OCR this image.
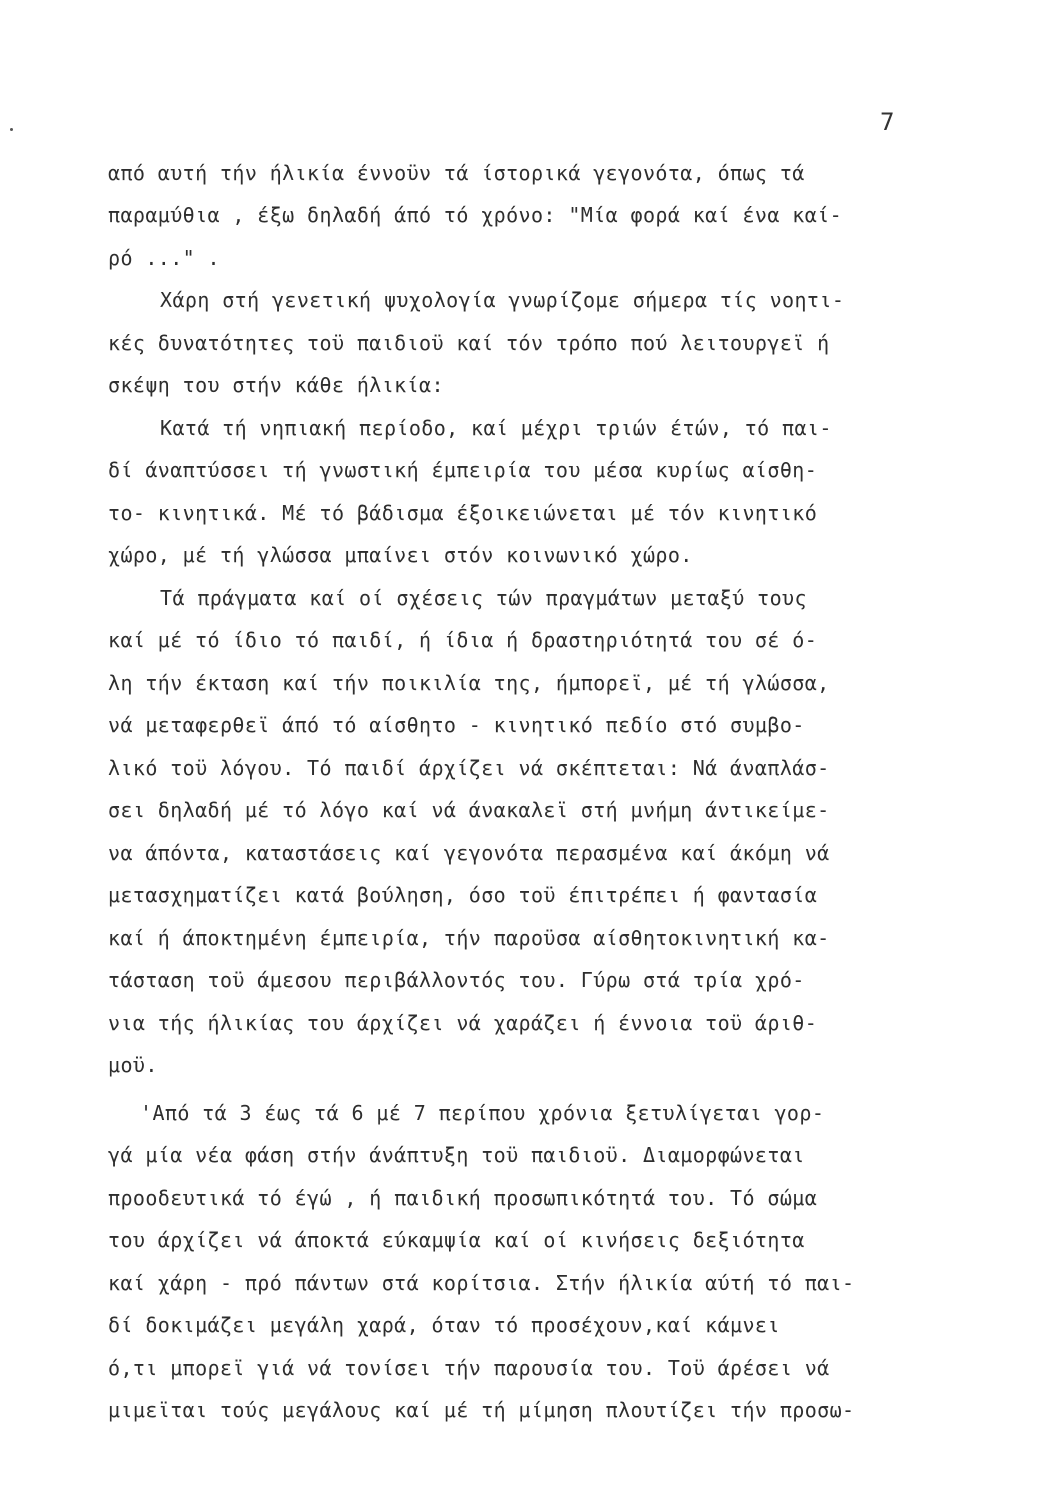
7
από αυτή τήν ήλικία έννοϋν τά ίστορικά γεγονότα, όπως τά
παραμύθια , έξω δηλαδή άπό τό χρόνο: "Μία φορά καί ένα καί-
ρό ..." .
Χάρη στή γενετική ψυχολογία γνωρίζομε σήμερα τίς νοητι-
κές δυνατότητες τοϋ παιδιοϋ καί τόν τρόπο πού λειτουργεϊ ή
σκέψη του στήν κάθε ήλικία:
Κατά τή νηπιακή περίοδο, καί μέχρι τριών έτών, τό παι-
δί άναπτύσσει τή γνωστική έμπειρία του μέσα κυρίως αίσθη-
το- κινητικά. Μέ τό βάδισμα έξοικειώνεται μέ τόν κινητικό
χώρο, μέ τή γλώσσα μπαίνει στόν κοινωνικό χώρο.
Τά πράγματα καί οί σχέσεις τών πραγμάτων μεταξύ τους
καί μέ τό ίδιο τό παιδί, ή ίδια ή δραστηριότητά του σέ ό-
λη τήν έκταση καί τήν ποικιλία της, ήμπορεϊ, μέ τή γλώσσα,
νά μεταφερθεϊ άπό τό αίσθητο - κινητικό πεδίο στό συμβο-
λικό τοϋ λόγου. Τό παιδί άρχίζει νά σκέπτεται: Νά άναπλάσ-
σει δηλαδή μέ τό λόγο καί νά άνακαλεϊ στή μνήμη άντικείμε-
να άπόντα, καταστάσεις καί γεγονότα περασμένα καί άκόμη νά
μετασχηματίζει κατά βούληση, όσο τοϋ έπιτρέπει ή φαντασία
καί ή άποκτημένη έμπειρία, τήν παροϋσα αίσθητοκινητική κα-
τάσταση τοϋ άμεσου περιβάλλοντός του. Γύρω στά τρία χρό-
νια τής ήλικίας του άρχίζει νά χαράζει ή έννοια τοϋ άριθ-
μοϋ.
'Από τά 3 έως τά 6 μέ 7 περίπου χρόνια ξετυλίγεται γορ-
γά μία νέα φάση στήν άνάπτυξη τοϋ παιδιοϋ. Διαμορφώνεται
προοδευτικά τό έγώ , ή παιδική προσωπικότητά του. Τό σώμα
του άρχίζει νά άποκτά εύκαμψία καί οί κινήσεις δεξιότητα
καί χάρη - πρό πάντων στά κορίτσια. Στήν ήλικία αύτή τό παι-
δί δοκιμάζει μεγάλη χαρά, όταν τό προσέχουν,καί κάμνει
ό,τι μπορεϊ γιά νά τονίσει τήν παρουσία του. Τοϋ άρέσει νά
μιμεϊται τούς μεγάλους καί μέ τή μίμηση πλουτίζει τήν προσω-
